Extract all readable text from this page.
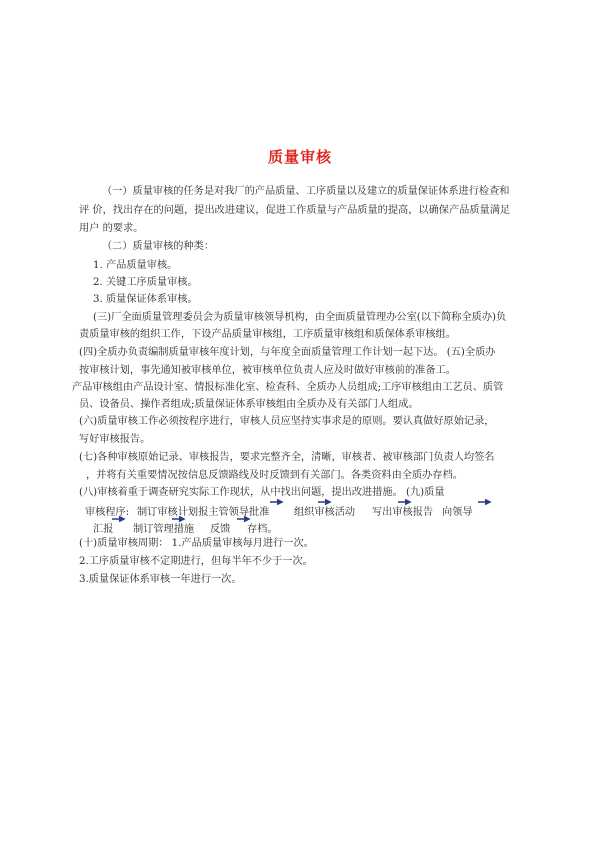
质量审核
（一）质量审核的任务是对我厂的产品质量、工序质量以及建立的质量保证体系进行检查和
评 价，找出存在的问题，提出改进建议，促进工作质量与产品质量的提高，以确保产品质量满足
用户 的要求。
（二）质量审核的种类：
1. 产品质量审核。
2. 关键工序质量审核。
3. 质量保证体系审核。
(三)厂全面质量管理委员会为质量审核领导机构，由全面质量管理办公室(以下简称全质办)负
责质量审核的组织工作，下设产品质量审核组，工序质量审核组和质保体系审核组。
(四)全质办负责编制质量审核年度计划，与年度全面质量管理工作计划一起下达。 (五)全质办
按审核计划，事先通知被审核单位，被审核单位负责人应及时做好审核前的准备工。
产品审核组由产品设计室、情报标准化室、检查科、全质办人员组成;工序审核组由工艺员、质管
员、设备员、操作者组成;质量保证体系审核组由全质办及有关部门人组成。
(六)质量审核工作必须按程序进行，审核人员应坚持实事求是的原则。要认真做好原始记录，
写好审核报告。
(七)各种审核原始记录、审核报告，要求完整齐全，清晰，审核者、被审核部门负责人均签名
，并将有关重要情况按信息反馈路线及时反馈到有关部门。各类资料由全质办存档。
(八)审核着重于调查研究实际工作现状，从中找出问题，提出改进措施。 (九)质量
审核程序: 制订审核计划报主管领导批准 组织审核活动 写出审核报告 向领导
汇报 制订管理措施 反馈 存档。
(十)质量审核周期： 1.产品质量审核每月进行一次。
2.工序质量审核不定期进行，但每半年不少于一次。
3.质量保证体系审核一年进行一次。
